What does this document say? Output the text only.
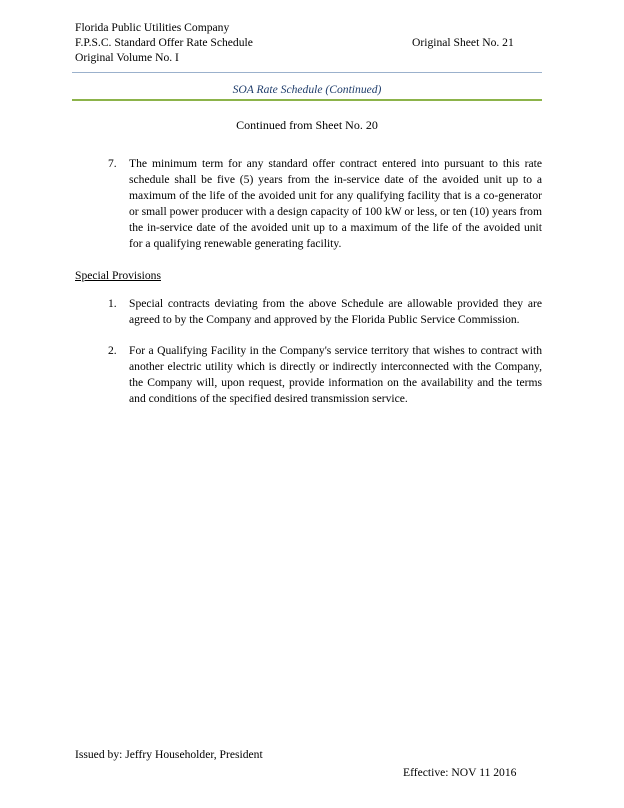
Florida Public Utilities Company
F.P.S.C. Standard Offer Rate Schedule
Original Volume No. I
Original Sheet No. 21
SOA Rate Schedule (Continued)
Continued from Sheet No. 20
7. The minimum term for any standard offer contract entered into pursuant to this rate schedule shall be five (5) years from the in-service date of the avoided unit up to a maximum of the life of the avoided unit for any qualifying facility that is a co-generator or small power producer with a design capacity of 100 kW or less, or ten (10) years from the in-service date of the avoided unit up to a maximum of the life of the avoided unit for a qualifying renewable generating facility.
Special Provisions
1. Special contracts deviating from the above Schedule are allowable provided they are agreed to by the Company and approved by the Florida Public Service Commission.
2. For a Qualifying Facility in the Company's service territory that wishes to contract with another electric utility which is directly or indirectly interconnected with the Company, the Company will, upon request, provide information on the availability and the terms and conditions of the specified desired transmission service.
Issued by: Jeffry Householder, President
Effective: NOV 11 2016
